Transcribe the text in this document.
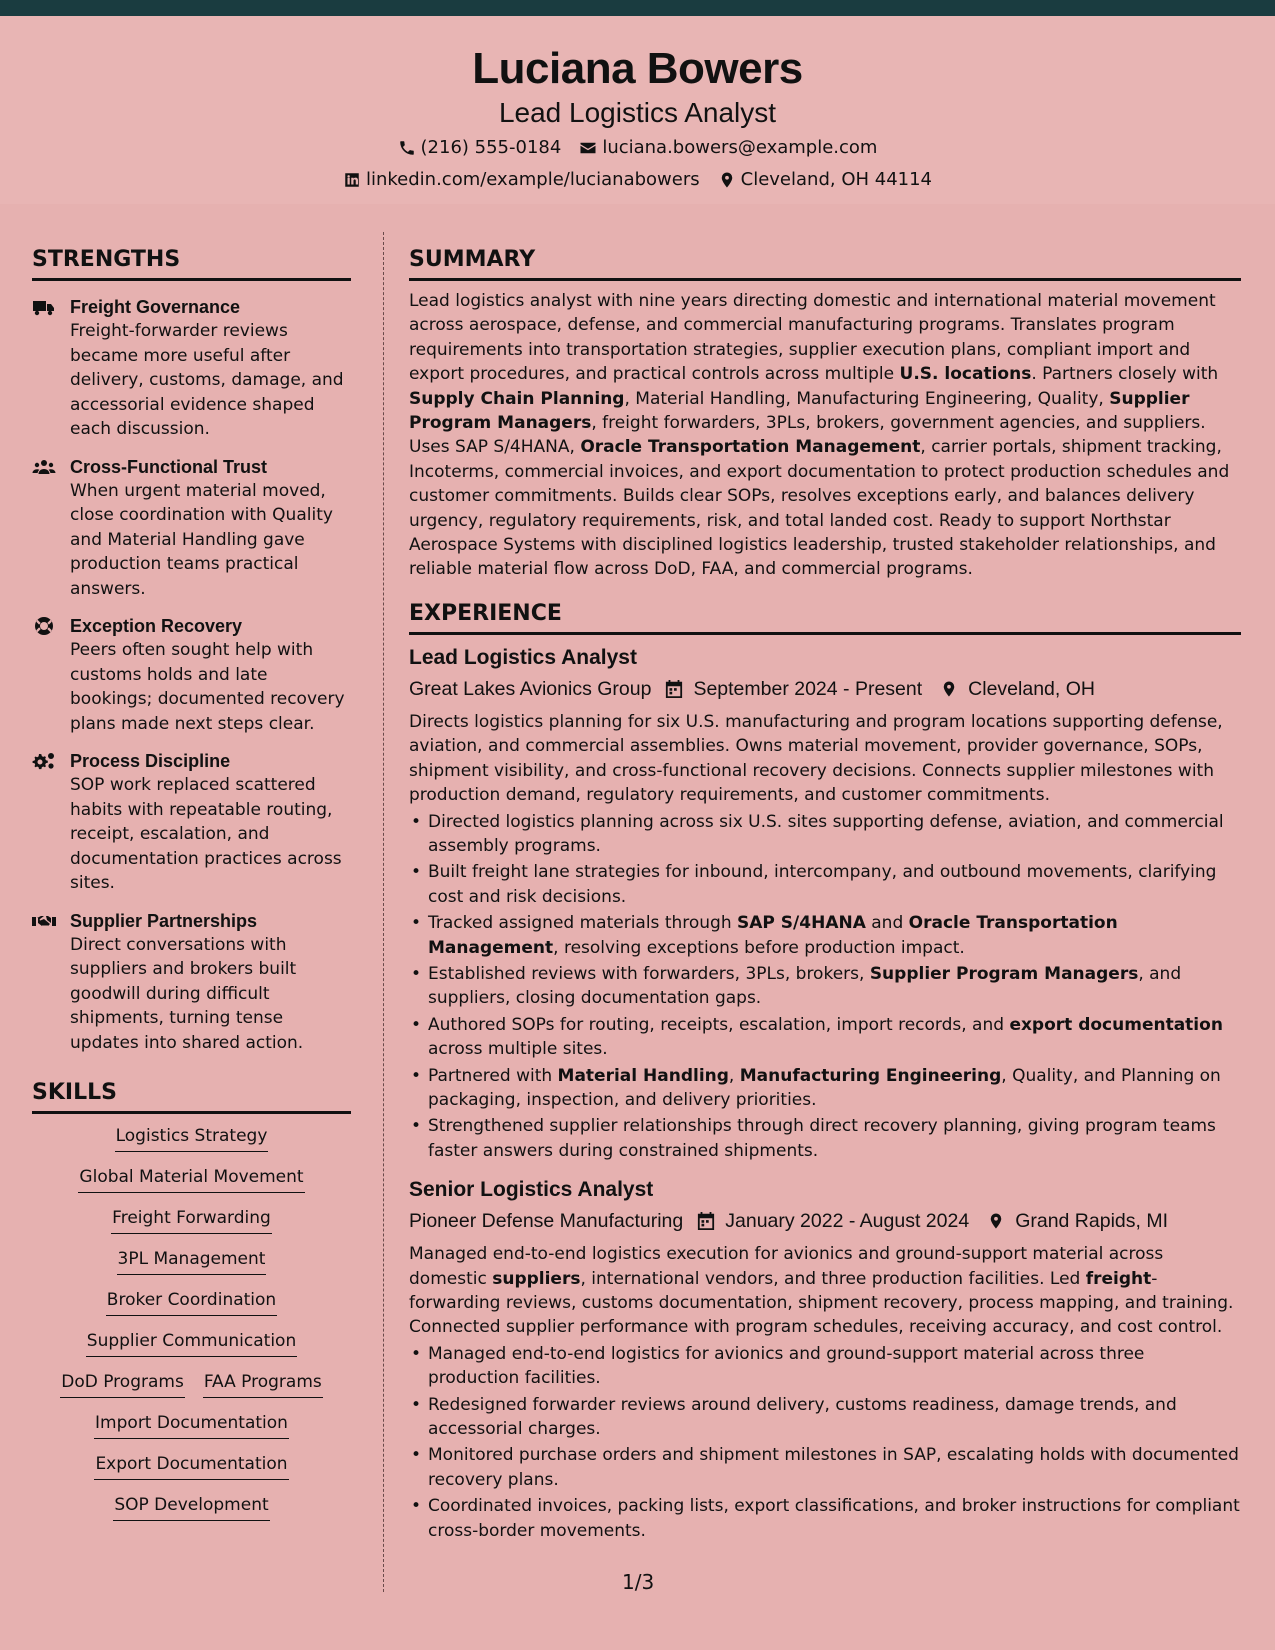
Luciana Bowers
Lead Logistics Analyst
(216) 555-0184 luciana.bowers@example.com
linkedin.com/example/lucianabowers Cleveland, OH 44114
STRENGTHS
Freight Governance
Freight-forwarder reviews became more useful after delivery, customs, damage, and accessorial evidence shaped each discussion.
Cross-Functional Trust
When urgent material moved, close coordination with Quality and Material Handling gave production teams practical answers.
Exception Recovery
Peers often sought help with customs holds and late bookings; documented recovery plans made next steps clear.
Process Discipline
SOP work replaced scattered habits with repeatable routing, receipt, escalation, and documentation practices across sites.
Supplier Partnerships
Direct conversations with suppliers and brokers built goodwill during difficult shipments, turning tense updates into shared action.
SKILLS
Logistics Strategy
Global Material Movement
Freight Forwarding
3PL Management
Broker Coordination
Supplier Communication
DoD Programs FAA Programs
Import Documentation
Export Documentation
SOP Development
SUMMARY

Lead logistics analyst with nine years directing domestic and international material movement across aerospace, defense, and commercial manufacturing programs. Translates program requirements into transportation strategies, supplier execution plans, compliant import and export procedures, and practical controls across multiple U.S. locations. Partners closely with Supply Chain Planning, Material Handling, Manufacturing Engineering, Quality, Supplier Program Managers, freight forwarders, 3PLs, brokers, government agencies, and suppliers. Uses SAP S/4HANA, Oracle Transportation Management, carrier portals, shipment tracking, Incoterms, commercial invoices, and export documentation to protect production schedules and customer commitments. Builds clear SOPs, resolves exceptions early, and balances delivery urgency, regulatory requirements, risk, and total landed cost. Ready to support Northstar Aerospace Systems with disciplined logistics leadership, trusted stakeholder relationships, and reliable material flow across DoD, FAA, and commercial programs.

EXPERIENCE
Lead Logistics Analyst
Great Lakes Avionics Group September 2024 - Present Cleveland, OH

Directs logistics planning for six U.S. manufacturing and program locations supporting defense, aviation, and commercial assemblies. Owns material movement, provider governance, SOPs, shipment visibility, and cross-functional recovery decisions. Connects supplier milestones with production demand, regulatory requirements, and customer commitments.

• Directed logistics planning across six U.S. sites supporting defense, aviation, and commercial assembly programs.
• Built freight lane strategies for inbound, intercompany, and outbound movements, clarifying cost and risk decisions.
• Tracked assigned materials through SAP S/4HANA and Oracle Transportation Management, resolving exceptions before production impact.
• Established reviews with forwarders, 3PLs, brokers, Supplier Program Managers, and suppliers, closing documentation gaps.
• Authored SOPs for routing, receipts, escalation, import records, and export documentation across multiple sites.
• Partnered with Material Handling, Manufacturing Engineering, Quality, and Planning on packaging, inspection, and delivery priorities.
• Strengthened supplier relationships through direct recovery planning, giving program teams faster answers during constrained shipments.
Senior Logistics Analyst
Pioneer Defense Manufacturing January 2022 - August 2024 Grand Rapids, MI

Managed end-to-end logistics execution for avionics and ground-support material across domestic suppliers, international vendors, and three production facilities. Led freight-forwarding reviews, customs documentation, shipment recovery, process mapping, and training. Connected supplier performance with program schedules, receiving accuracy, and cost control.

• Managed end-to-end logistics for avionics and ground-support material across three production facilities.
• Redesigned forwarder reviews around delivery, customs readiness, damage trends, and accessorial charges.
• Monitored purchase orders and shipment milestones in SAP, escalating holds with documented recovery plans.
• Coordinated invoices, packing lists, export classifications, and broker instructions for compliant cross-border movements.
1/3
